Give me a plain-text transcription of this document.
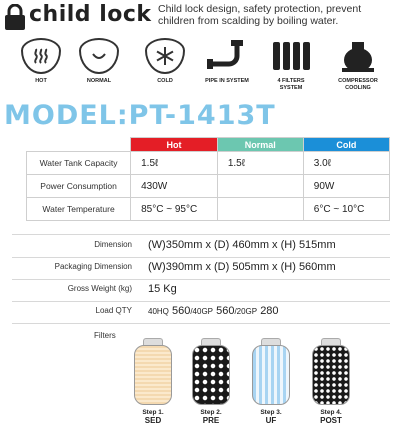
child lock Child lock design, safety protection, prevent children from scalding by boiling water.
HOT	NORMAL	COLD	PIPE IN SYSTEM	4 FILTERS SYSTEM
COMPRESSOR COOLING
MODEL:PT-1413T
	Hot	Normal	Cold
Water Tank Capacity	1.5ℓ	1.5ℓ	3.0ℓ
Power Consumption	430W		90W
Water Temperature	85°C ~ 95°C		6°C ~ 10°C
Dimension (W)350mm x (D) 460mm x (H) 515mm
Packaging Dimension (W)390mm x (D) 505mm x (H) 560mm
Gross Weight (kg) 15 Kg
Load QTY 40HQ 560/40GP 560/20GP 280
Filters
Step 1.
SED
Step 2.
PRE
Step 3.
UF
Step 4.
POST
